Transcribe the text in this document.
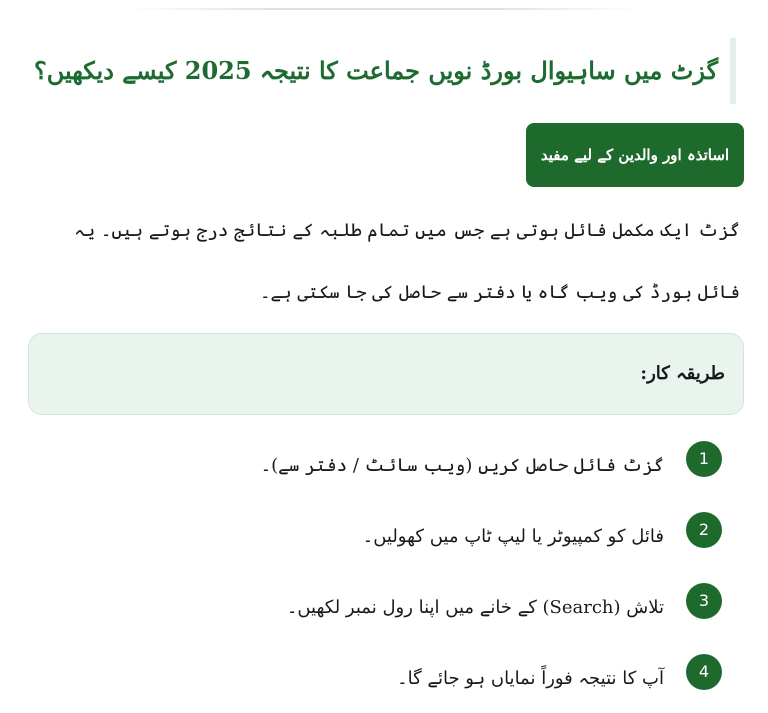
گزٹ میں ساہیوال بورڈ نویں جماعت کا نتیجہ 2025 کیسے دیکھیں؟
اساتذہ اور والدین کے لیے مفید

گزٹ ایک مکمل فائل ہوتی ہے جس میں تمام طلبہ کے نتائج درج ہوتے ہیں۔ یہ فائل بورڈ کی ویب گاہ یا دفتر سے حاصل کی جا سکتی ہے۔

طریقہ کار:
1
گزٹ فائل حاصل کریں (ویب سائٹ / دفتر سے)۔
2
فائل کو کمپیوٹر یا لیپ ٹاپ میں کھولیں۔
3
تلاش (Search) کے خانے میں اپنا رول نمبر لکھیں۔
4
آپ کا نتیجہ فوراً نمایاں ہو جائے گا۔
